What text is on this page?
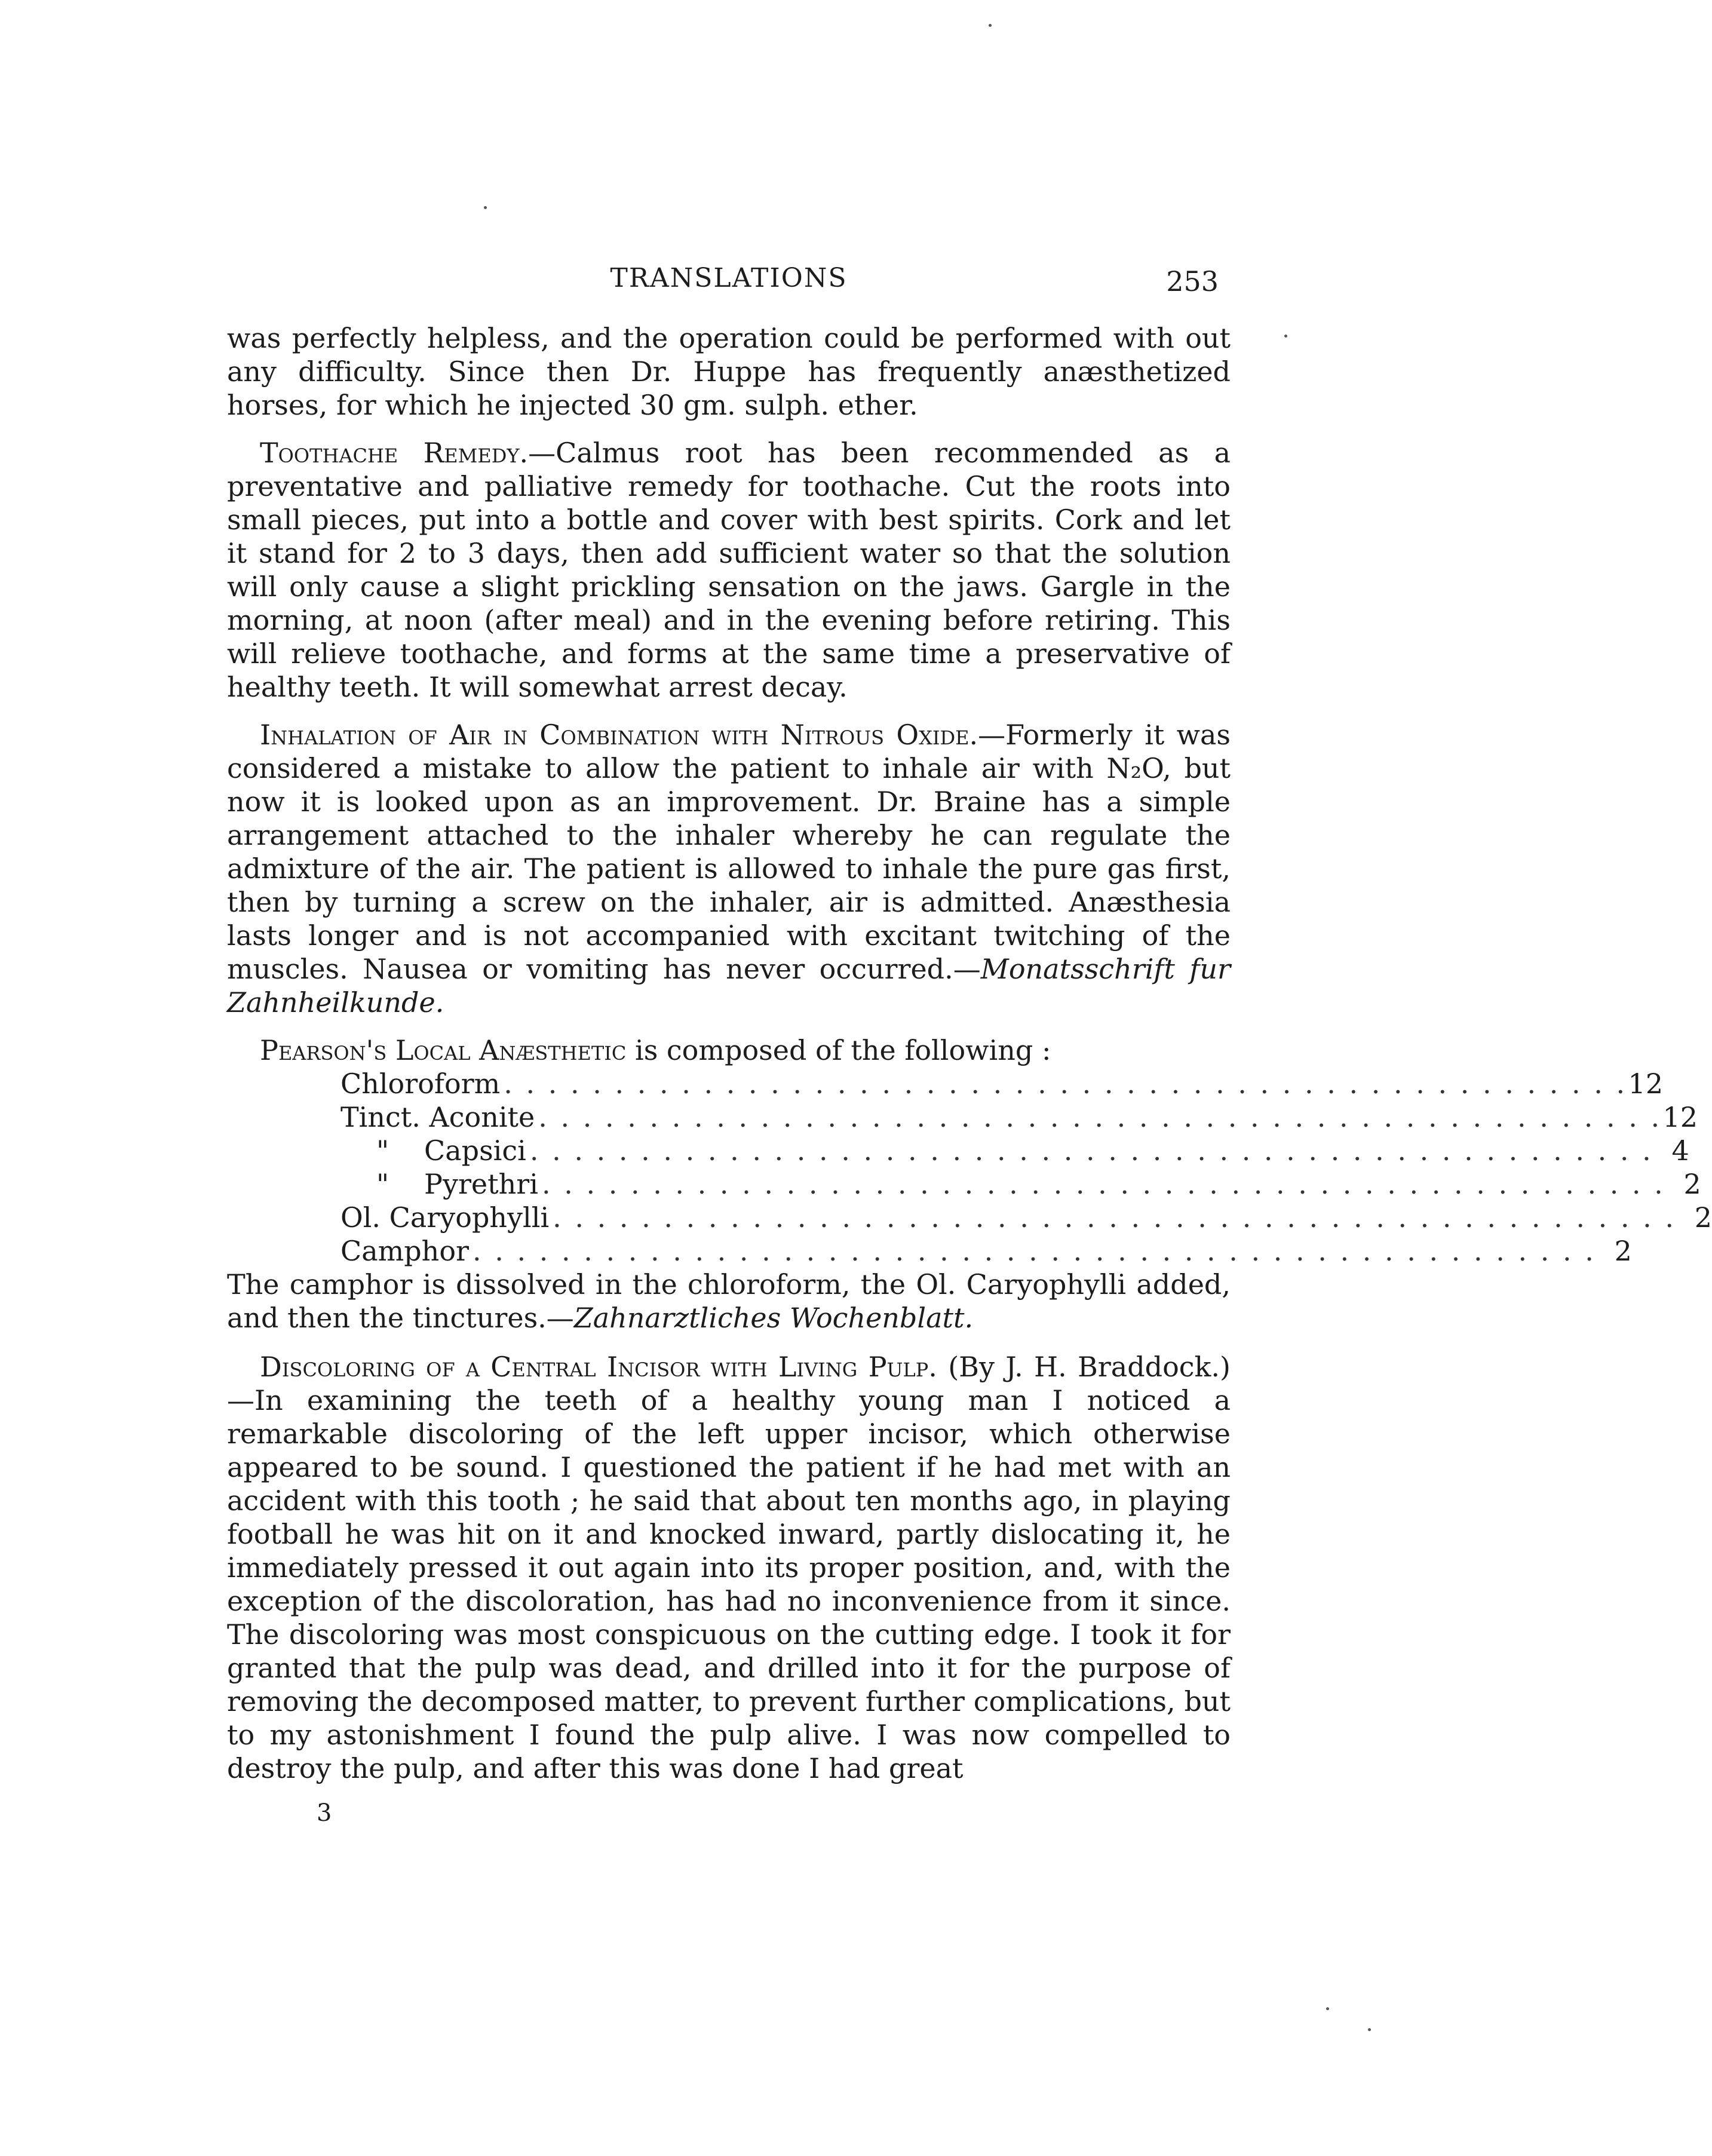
TRANSLATIONS	253

was perfectly helpless, and the operation could be performed with out any difficulty. Since then Dr. Huppe has frequently anæsthetized horses, for which he injected 30 gm. sulph. ether.

Toothache Remedy.—Calmus root has been recommended as a preventative and palliative remedy for toothache. Cut the roots into small pieces, put into a bottle and cover with best spirits. Cork and let it stand for 2 to 3 days, then add sufficient water so that the solution will only cause a slight prickling sensation on the jaws. Gargle in the morning, at noon (after meal) and in the evening before retiring. This will relieve toothache, and forms at the same time a preservative of healthy teeth. It will somewhat arrest decay.

Inhalation of Air in Combination with Nitrous Oxide.—Formerly it was considered a mistake to allow the patient to inhale air with N₂O, but now it is looked upon as an improvement. Dr. Braine has a simple arrangement attached to the inhaler whereby he can regulate the admixture of the air. The patient is allowed to inhale the pure gas first, then by turning a screw on the inhaler, air is admitted. Anæsthesia lasts longer and is not accompanied with excitant twitching of the muscles. Nausea or vomiting has never occurred.—Monatsschrift fur Zahnheilkunde.

Pearson's Local Anæsthetic is composed of the following :

Chloroform . . . . . . . . . . . . . . . . . . . . . . . . . . . . . . . . . . . . . . . . . . . . . . . . . . . 12
Tinct. Aconite . . . . . . . . . . . . . . . . . . . . . . . . . . . . . . . . . . . . . . . . . . . . . . . . . . . 12
" Capsici . . . . . . . . . . . . . . . . . . . . . . . . . . . . . . . . . . . . . . . . . . . . . . . . . . . 4
" Pyrethri . . . . . . . . . . . . . . . . . . . . . . . . . . . . . . . . . . . . . . . . . . . . . . . . . . . 2
Ol. Caryophylli . . . . . . . . . . . . . . . . . . . . . . . . . . . . . . . . . . . . . . . . . . . . . . . . . . . 2
Camphor . . . . . . . . . . . . . . . . . . . . . . . . . . . . . . . . . . . . . . . . . . . . . . . . . . . 2

The camphor is dissolved in the chloroform, the Ol. Caryophylli added, and then the tinctures.—Zahnarztliches Wochenblatt.

Discoloring of a Central Incisor with Living Pulp. (By J. H. Braddock.)—In examining the teeth of a healthy young man I noticed a remarkable discoloring of the left upper incisor, which otherwise appeared to be sound. I questioned the patient if he had met with an accident with this tooth ; he said that about ten months ago, in playing football he was hit on it and knocked inward, partly dislocating it, he immediately pressed it out again into its proper position, and, with the exception of the discoloration, has had no inconvenience from it since. The discoloring was most conspicuous on the cutting edge. I took it for granted that the pulp was dead, and drilled into it for the purpose of removing the decomposed matter, to prevent further complications, but to my astonishment I found the pulp alive. I was now compelled to destroy the pulp, and after this was done I had great

3
